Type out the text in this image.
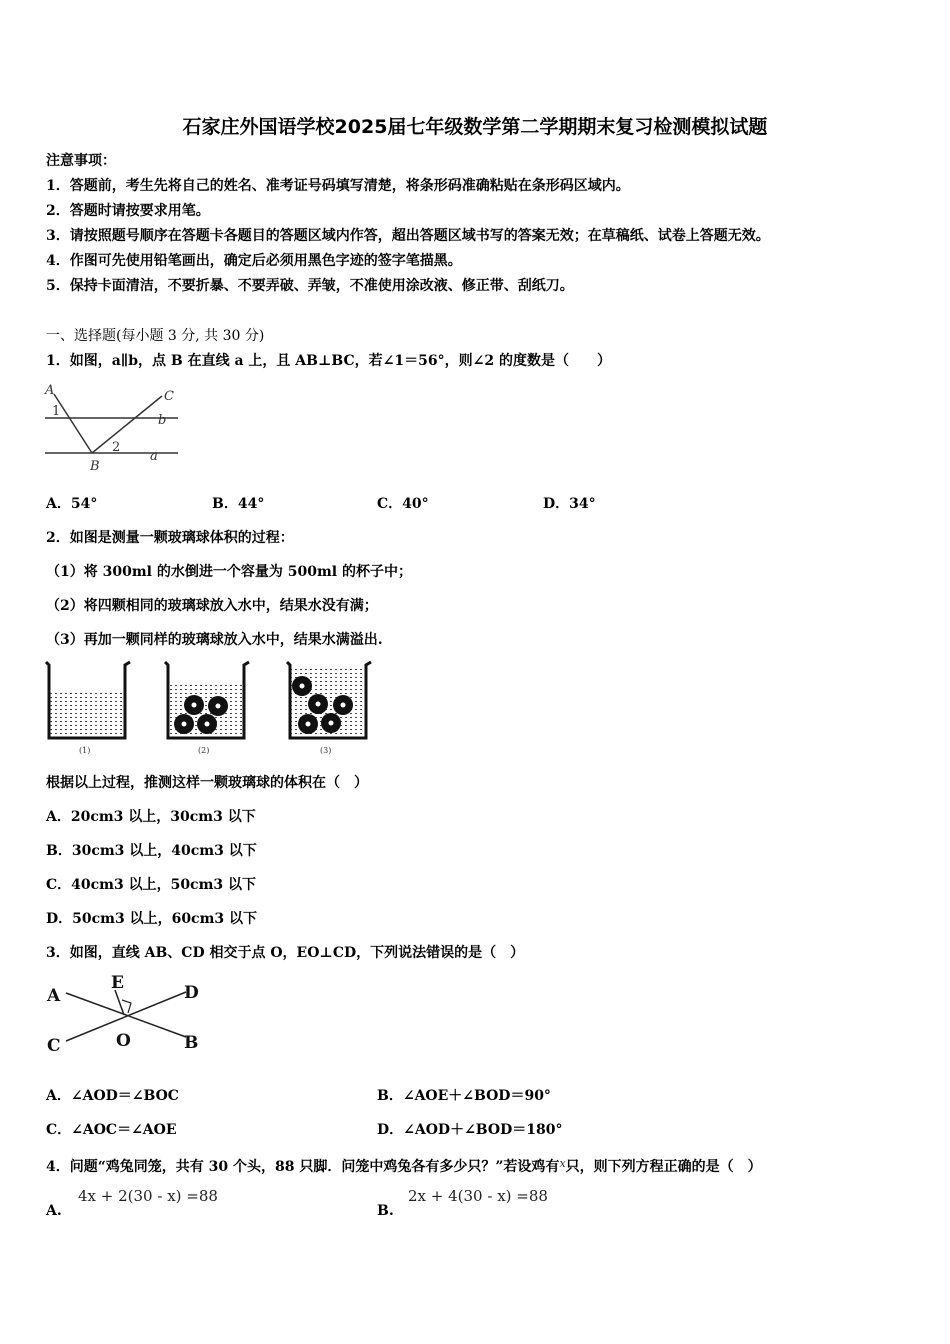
石家庄外国语学校2025届七年级数学第二学期期末复习检测模拟试题
注意事项：
1．答题前，考生先将自己的姓名、准考证号码填写清楚，将条形码准确粘贴在条形码区域内。
2．答题时请按要求用笔。
3．请按照题号顺序在答题卡各题目的答题区域内作答，超出答题区域书写的答案无效；在草稿纸、试卷上答题无效。
4．作图可先使用铅笔画出，确定后必须用黑色字迹的签字笔描黑。
5．保持卡面清洁，不要折暴、不要弄破、弄皱，不准使用涂改液、修正带、刮纸刀。
一、选择题(每小题 3 分, 共 30 分)
1．如图，a∥b，点 B 在直线 a 上，且 AB⊥BC，若∠1＝56°，则∠2 的度数是（　　）
A
1
C
b
2
B
a
A．54°	B．44°	C．40°	D．34°
2．如图是测量一颗玻璃球体积的过程：
（1）将 300ml 的水倒进一个容量为 500ml 的杯子中；
（2）将四颗相同的玻璃球放入水中，结果水没有满；
（3）再加一颗同样的玻璃球放入水中，结果水满溢出.
(1)	(2)	(3)
根据以上过程，推测这样一颗玻璃球的体积在（　）
A．20cm3 以上，30cm3 以下
B．30cm3 以上，40cm3 以下
C．40cm3 以上，50cm3 以下
D．50cm3 以上，60cm3 以下
3．如图，直线 AB、CD 相交于点 O，EO⊥CD，下列说法错误的是（　）
A
E	D
C	O	B
A．∠AOD＝∠BOC	B．∠AOE＋∠BOD＝90°
C．∠AOC＝∠AOE	D．∠AOD＋∠BOD＝180°
4．问题“鸡兔同笼，共有 30 个头，88 只脚．问笼中鸡兔各有多少只？”若设鸡有$^x$只，则下列方程正确的是（　）
A.
4x + 2(30 - x) =88
B.
2x + 4(30 - x) =88
